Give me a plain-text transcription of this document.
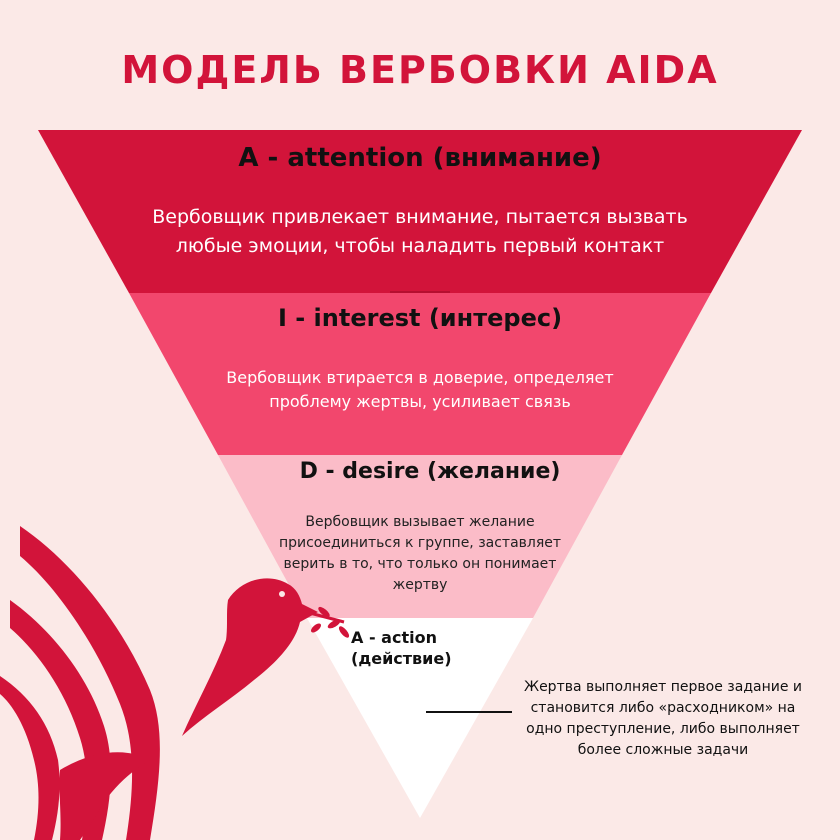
МОДЕЛЬ ВЕРБОВКИ AIDA
A - attention (внимание)
Вербовщик привлекает внимание, пытается вызвать любые эмоции, чтобы наладить первый контакт
I - interest (интерес)
Вербовщик втирается в доверие, определяет проблему жертвы, усиливает связь
D - desire (желание)
Вербовщик вызывает желание присоединиться к группе, заставляет верить в то, что только он понимает жертву
A - action
(действие)
Жертва выполняет первое задание и становится либо «расходником» на одно преступление, либо выполняет более сложные задачи
